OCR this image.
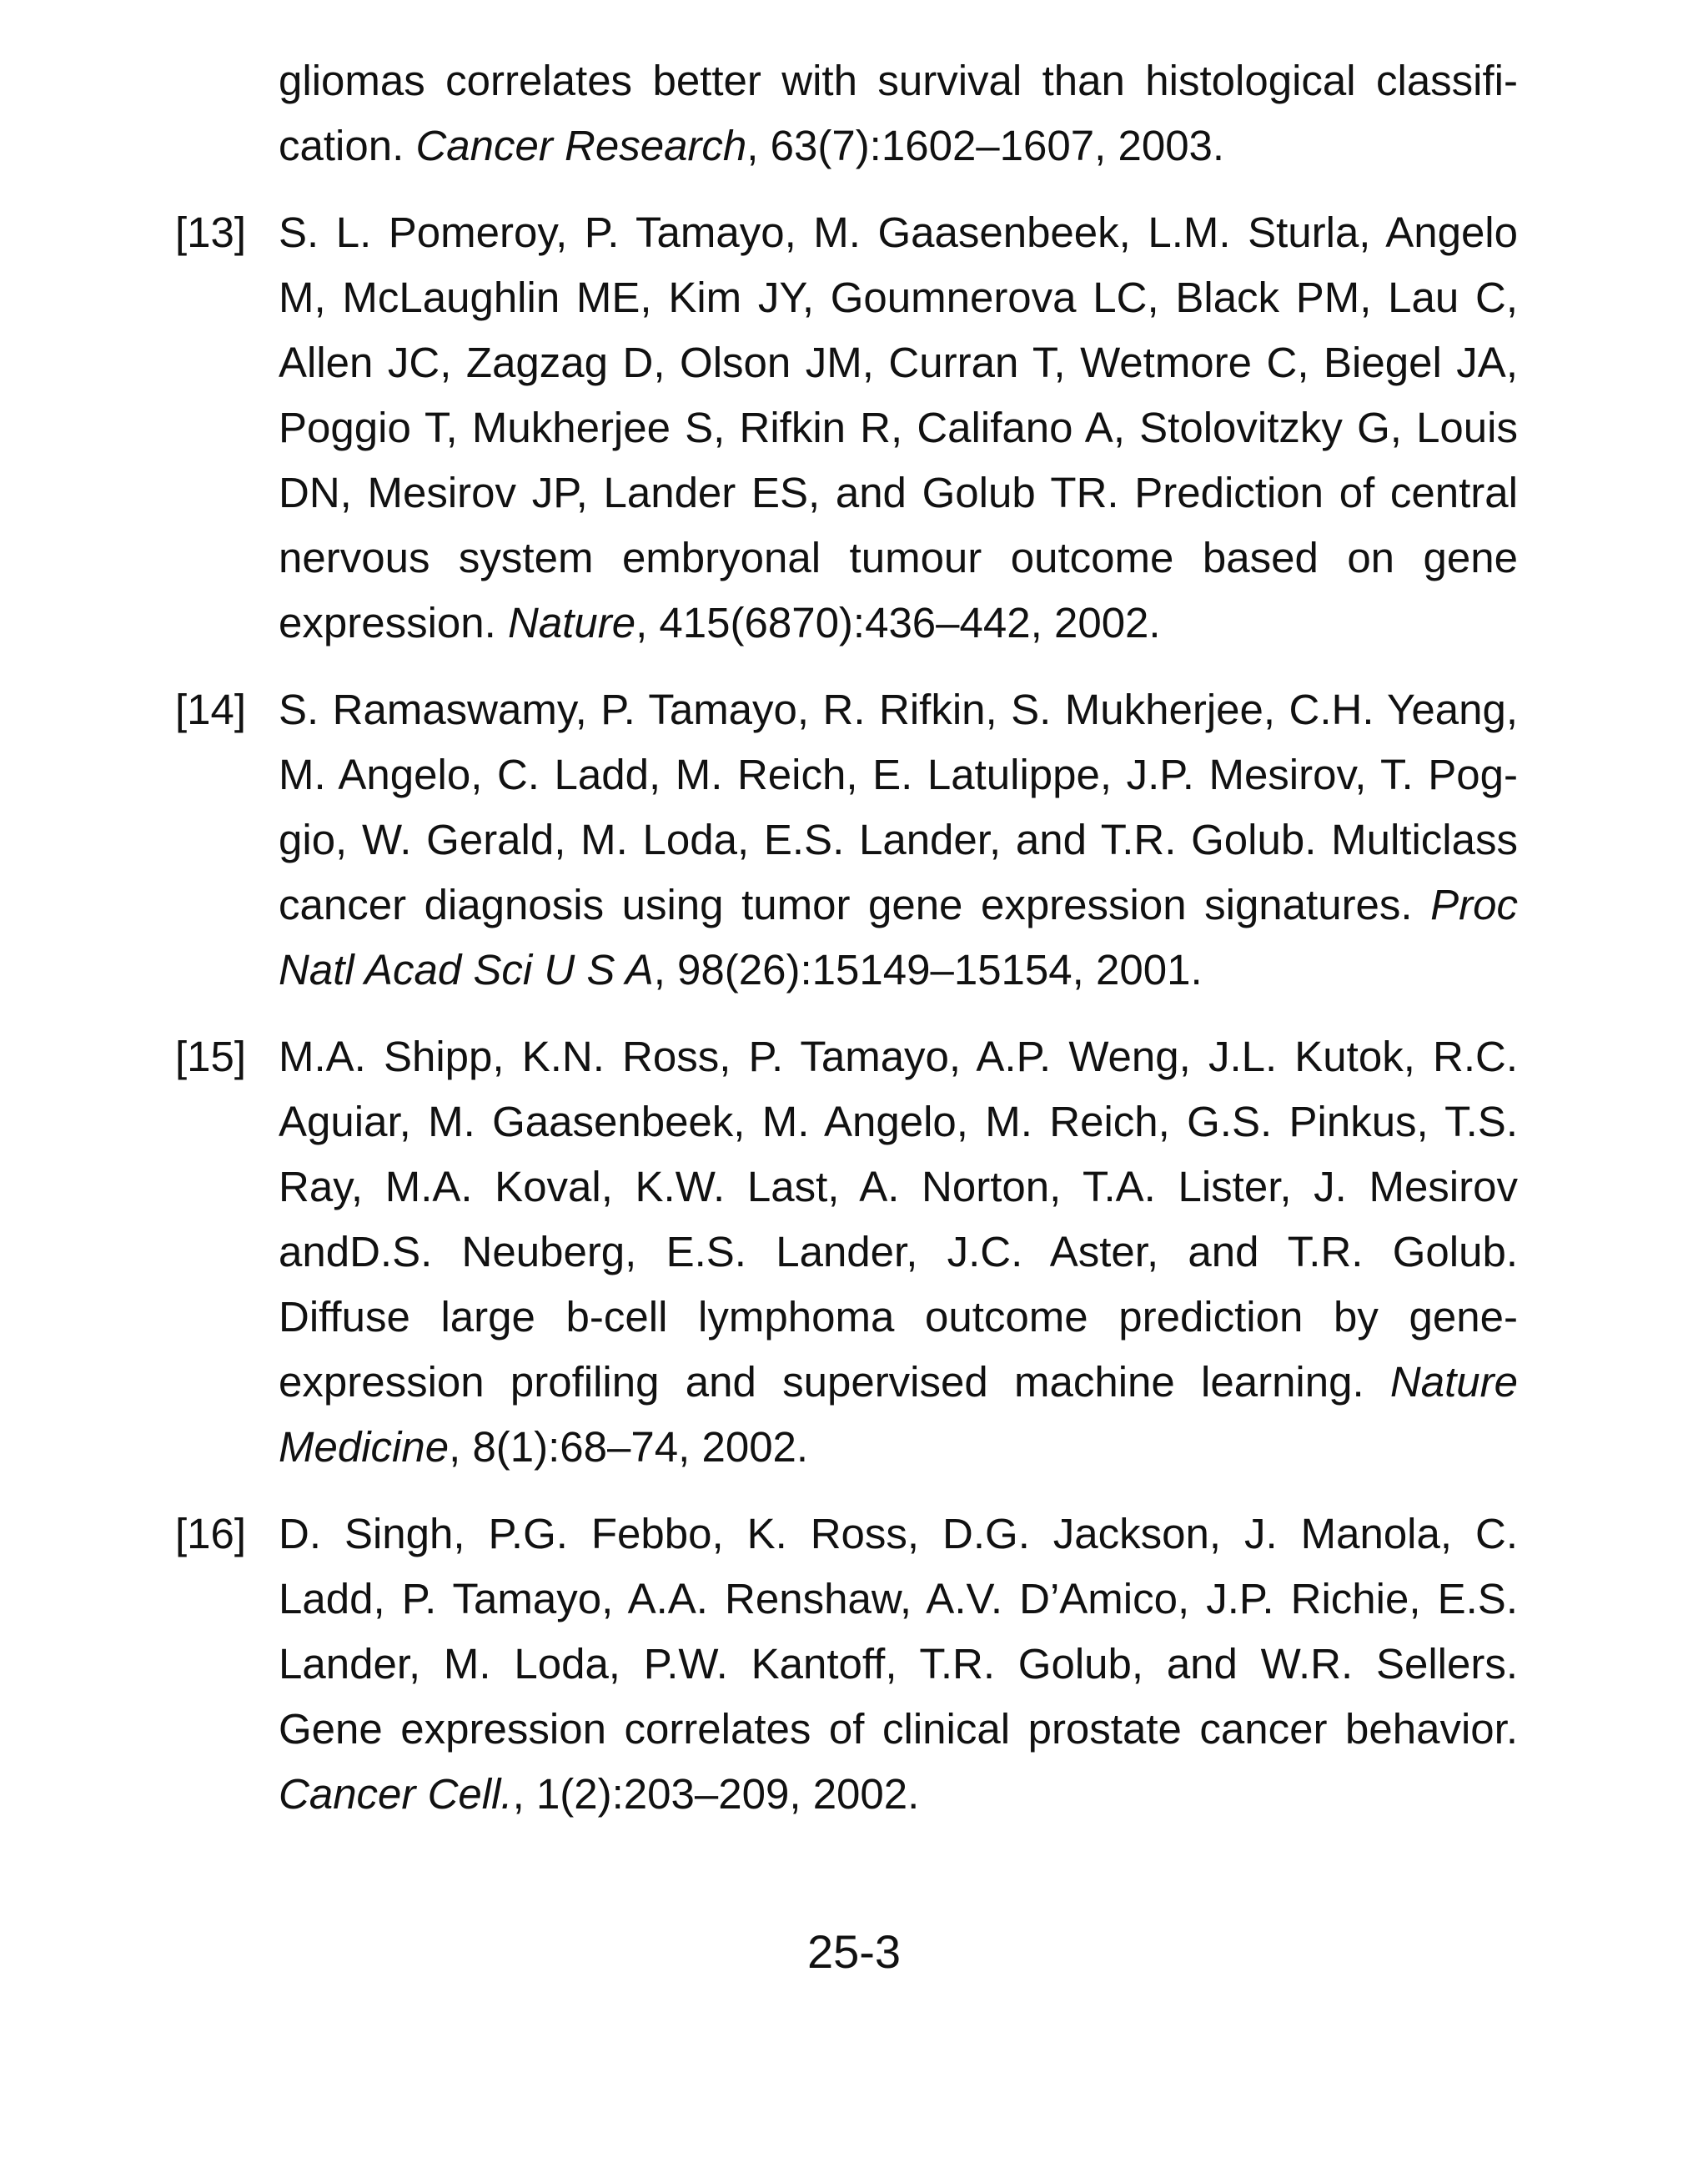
gliomas correlates better with survival than histological classification. Cancer Research, 63(7):1602–1607, 2003.
[13] S. L. Pomeroy, P. Tamayo, M. Gaasenbeek, L.M. Sturla, Angelo M, McLaughlin ME, Kim JY, Goumnerova LC, Black PM, Lau C, Allen JC, Zagzag D, Olson JM, Curran T, Wetmore C, Biegel JA, Poggio T, Mukherjee S, Rifkin R, Califano A, Stolovitzky G, Louis DN, Mesirov JP, Lander ES, and Golub TR. Prediction of central nervous system embryonal tumour outcome based on gene expression. Nature, 415(6870):436–442, 2002.
[14] S. Ramaswamy, P. Tamayo, R. Rifkin, S. Mukherjee, C.H. Yeang, M. Angelo, C. Ladd, M. Reich, E. Latulippe, J.P. Mesirov, T. Poggio, W. Gerald, M. Loda, E.S. Lander, and T.R. Golub. Multiclass cancer diagnosis using tumor gene expression signatures. Proc Natl Acad Sci U S A, 98(26):15149–15154, 2001.
[15] M.A. Shipp, K.N. Ross, P. Tamayo, A.P. Weng, J.L. Kutok, R.C. Aguiar, M. Gaasenbeek, M. Angelo, M. Reich, G.S. Pinkus, T.S. Ray, M.A. Koval, K.W. Last, A. Norton, T.A. Lister, J. Mesirov andD.S. Neuberg, E.S. Lander, J.C. Aster, and T.R. Golub. Diffuse large b-cell lymphoma outcome prediction by gene-expression profiling and supervised machine learning. Nature Medicine, 8(1):68–74, 2002.
[16] D. Singh, P.G. Febbo, K. Ross, D.G. Jackson, J. Manola, C. Ladd, P. Tamayo, A.A. Renshaw, A.V. D’Amico, J.P. Richie, E.S. Lander, M. Loda, P.W. Kantoff, T.R. Golub, and W.R. Sellers. Gene expression correlates of clinical prostate cancer behavior. Cancer Cell., 1(2):203–209, 2002.
25-3
